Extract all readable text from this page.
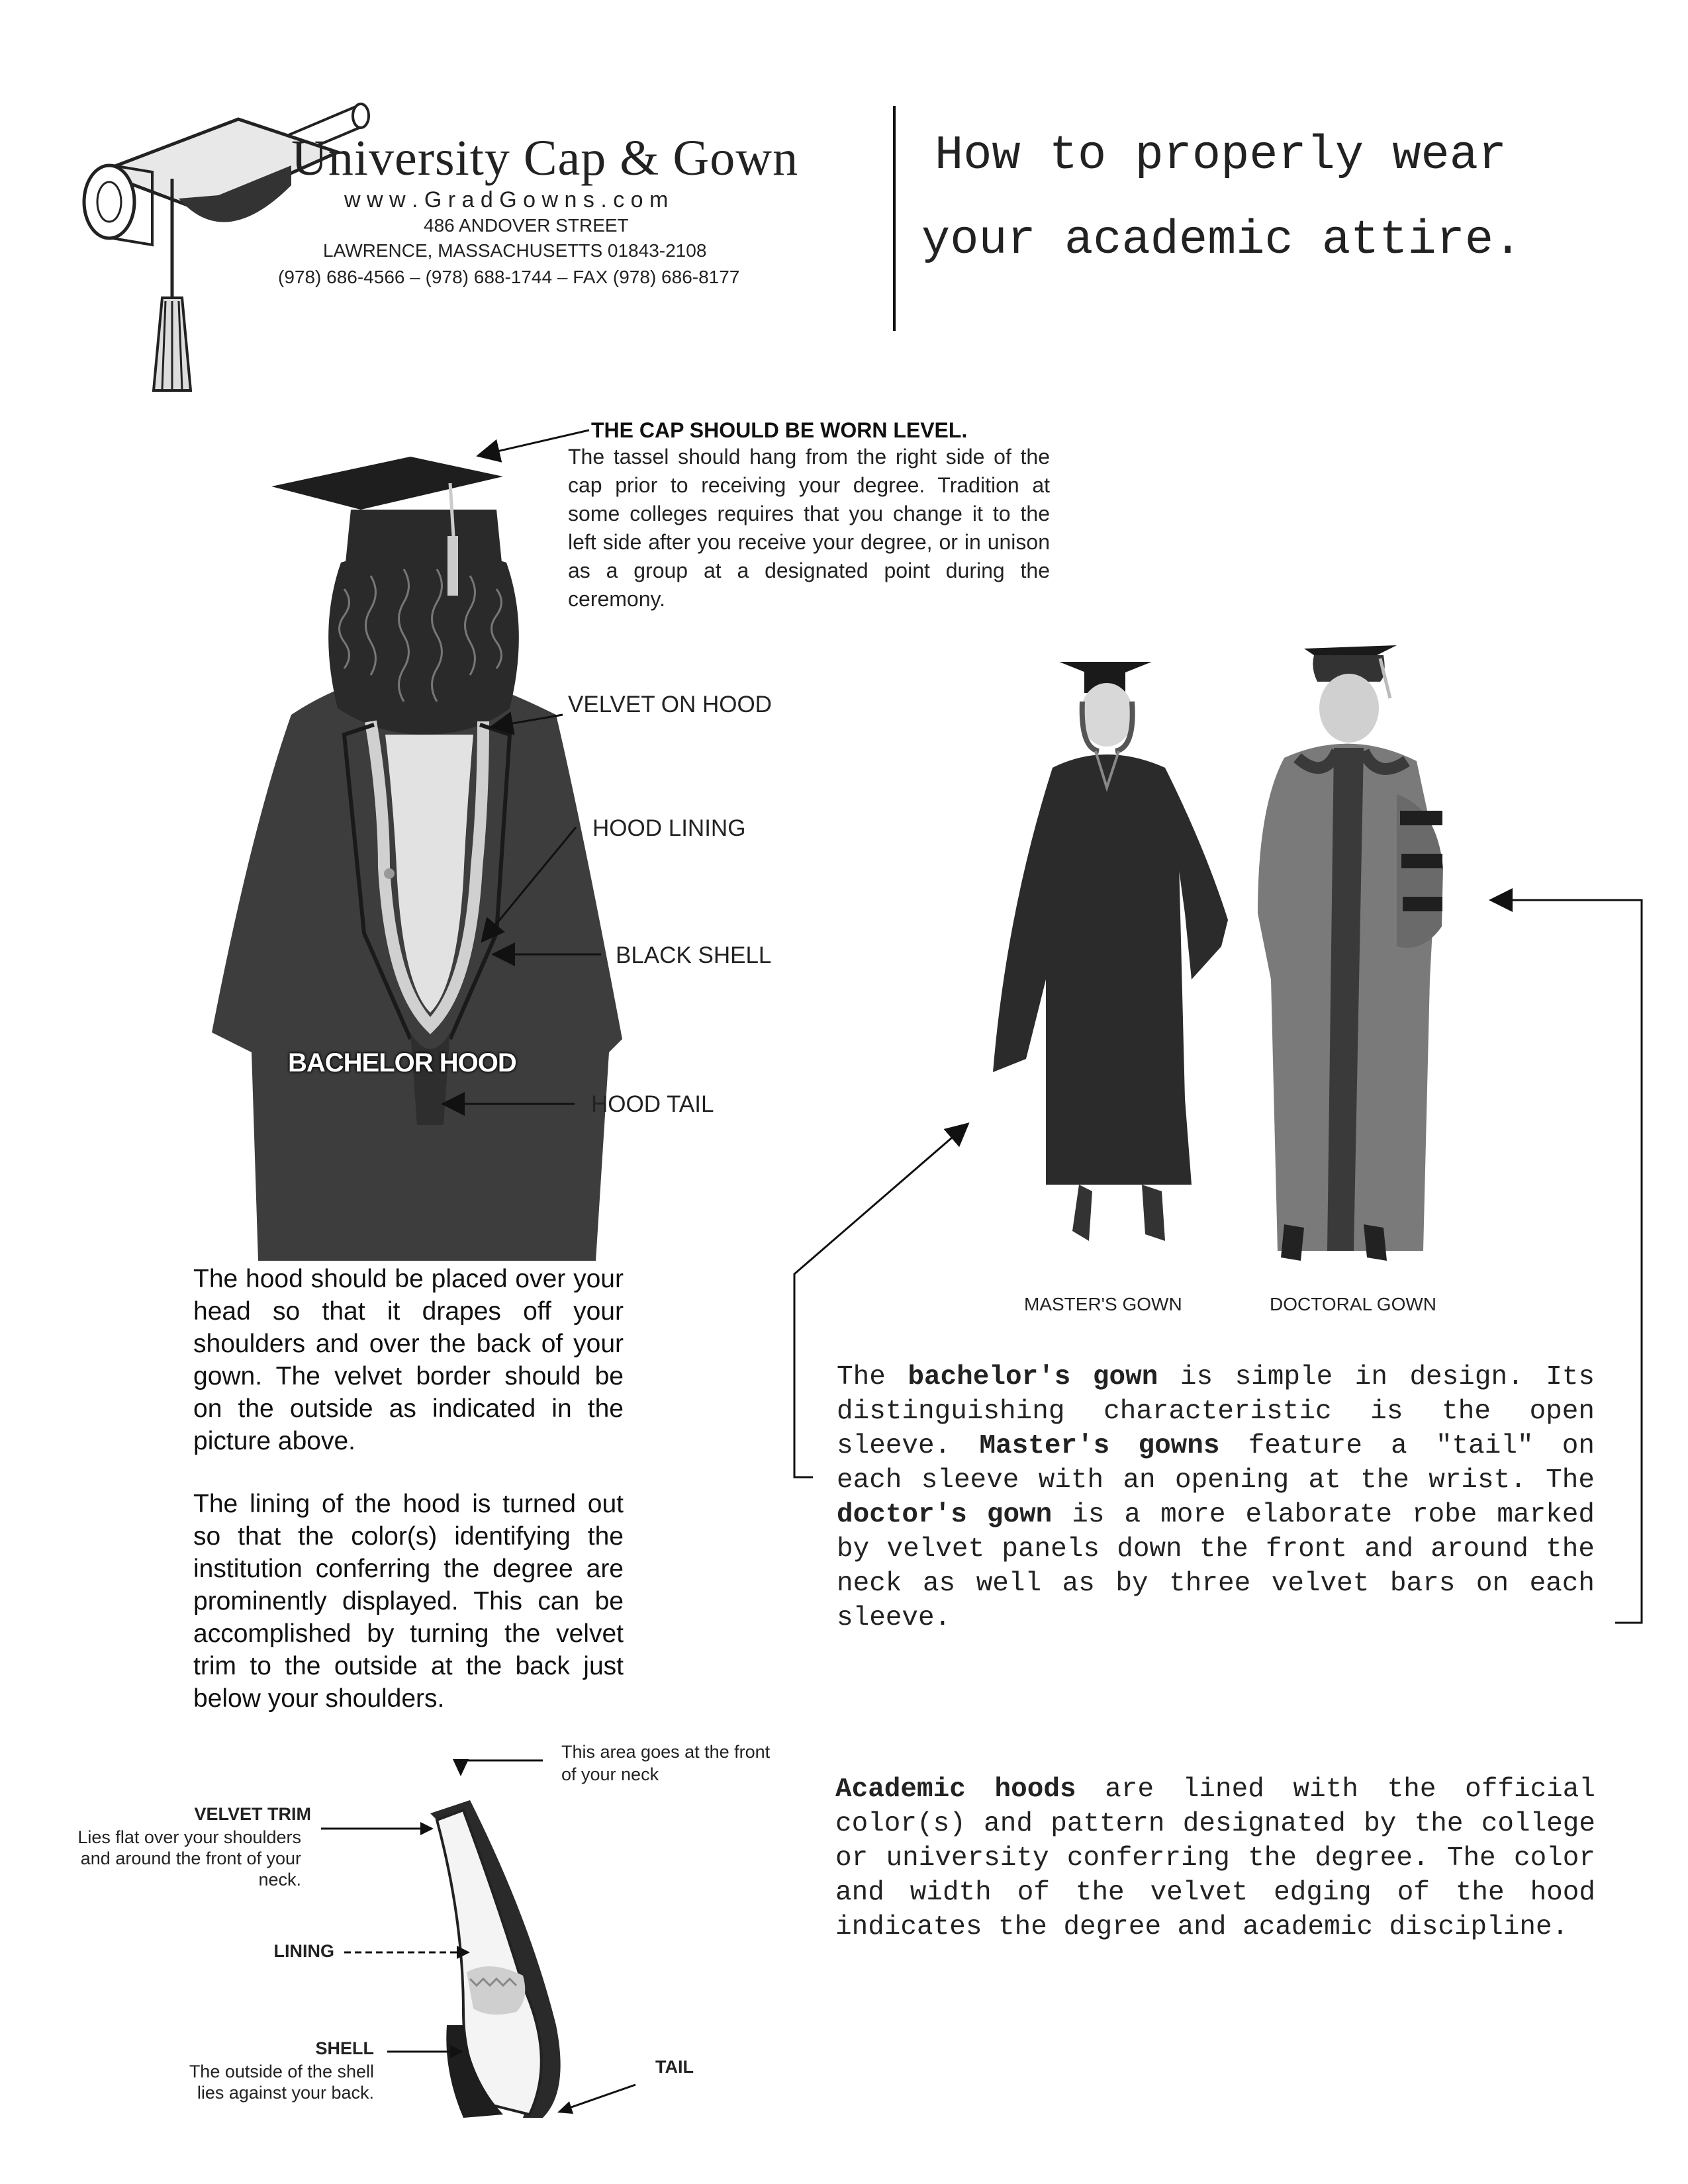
University Cap & Gown
w w w . G r a d G o w n s . c o m
486 ANDOVER STREET
LAWRENCE, MASSACHUSETTS 01843-2108
(978) 686-4566 – (978) 688-1744 – FAX (978) 686-8177
How to properly wear
your academic attire.
THE CAP SHOULD BE WORN LEVEL.
The tassel should hang from the right side of the cap prior to receiving your degree. Tradition at some colleges requires that you change it to the left side after you receive your degree, or in unison as a group at a designated point during the ceremony.
BACHELOR HOOD
VELVET ON HOOD
HOOD LINING
BLACK SHELL
HOOD TAIL
The hood should be placed over your head so that it drapes off your shoulders and over the back of your gown. The velvet border should be on the outside as indicated in the picture above.
The lining of the hood is turned out so that the color(s) identifying the institution conferring the degree are prominently displayed. This can be accomplished by turning the velvet trim to the outside at the back just below your shoulders.
MASTER'S GOWN	DOCTORAL GOWN
The bachelor's gown is simple in design. Its distinguishing characteristic is the open sleeve. Master's gowns feature a "tail" on each sleeve with an opening at the wrist. The doctor's gown is a more elaborate robe marked by velvet panels down the front and around the neck as well as by three velvet bars on each sleeve.
This area goes at the front of your neck
VELVET TRIM
Lies flat over your shoulders and around the front of your neck.
LINING
SHELL
The outside of the shell lies against your back.
TAIL
Academic hoods are lined with the official color(s) and pattern designated by the college or university conferring the degree. The color and width of the velvet edging of the hood indicates the degree and academic discipline.
